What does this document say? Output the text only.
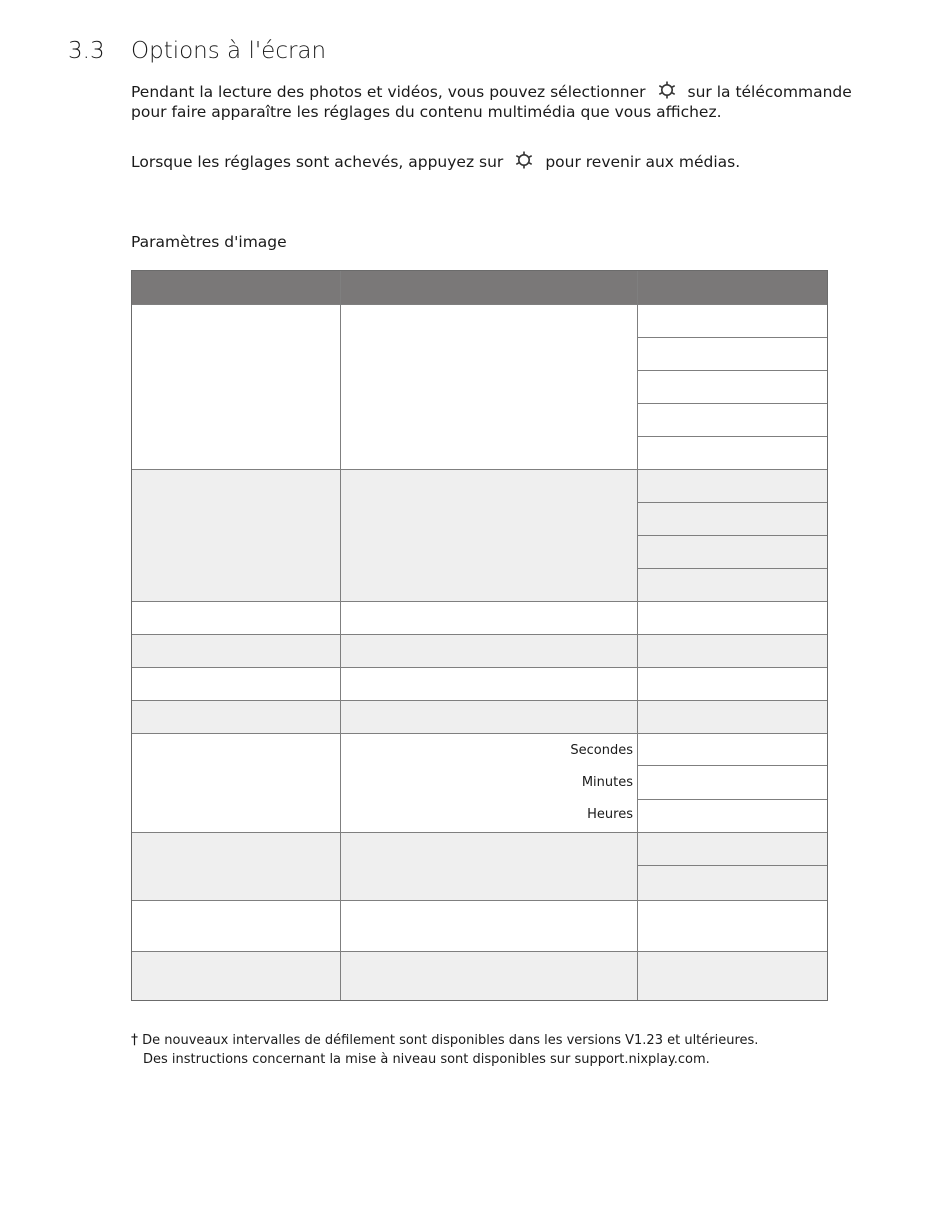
3.3 Options à l'écran
Pendant la lecture des photos et vidéos, vous pouvez sélectionner	sur la télécommande
pour faire apparaître les réglages du contenu multimédia que vous affichez.
Lorsque les réglages sont achevés, appuyez sur	pour revenir aux médias.
Paramètres d'image
Secondes
Minutes
Heures
† De nouveaux intervalles de défilement sont disponibles dans les versions V1.23 et ultérieures.
Des instructions concernant la mise à niveau sont disponibles sur support.nixplay.com.
